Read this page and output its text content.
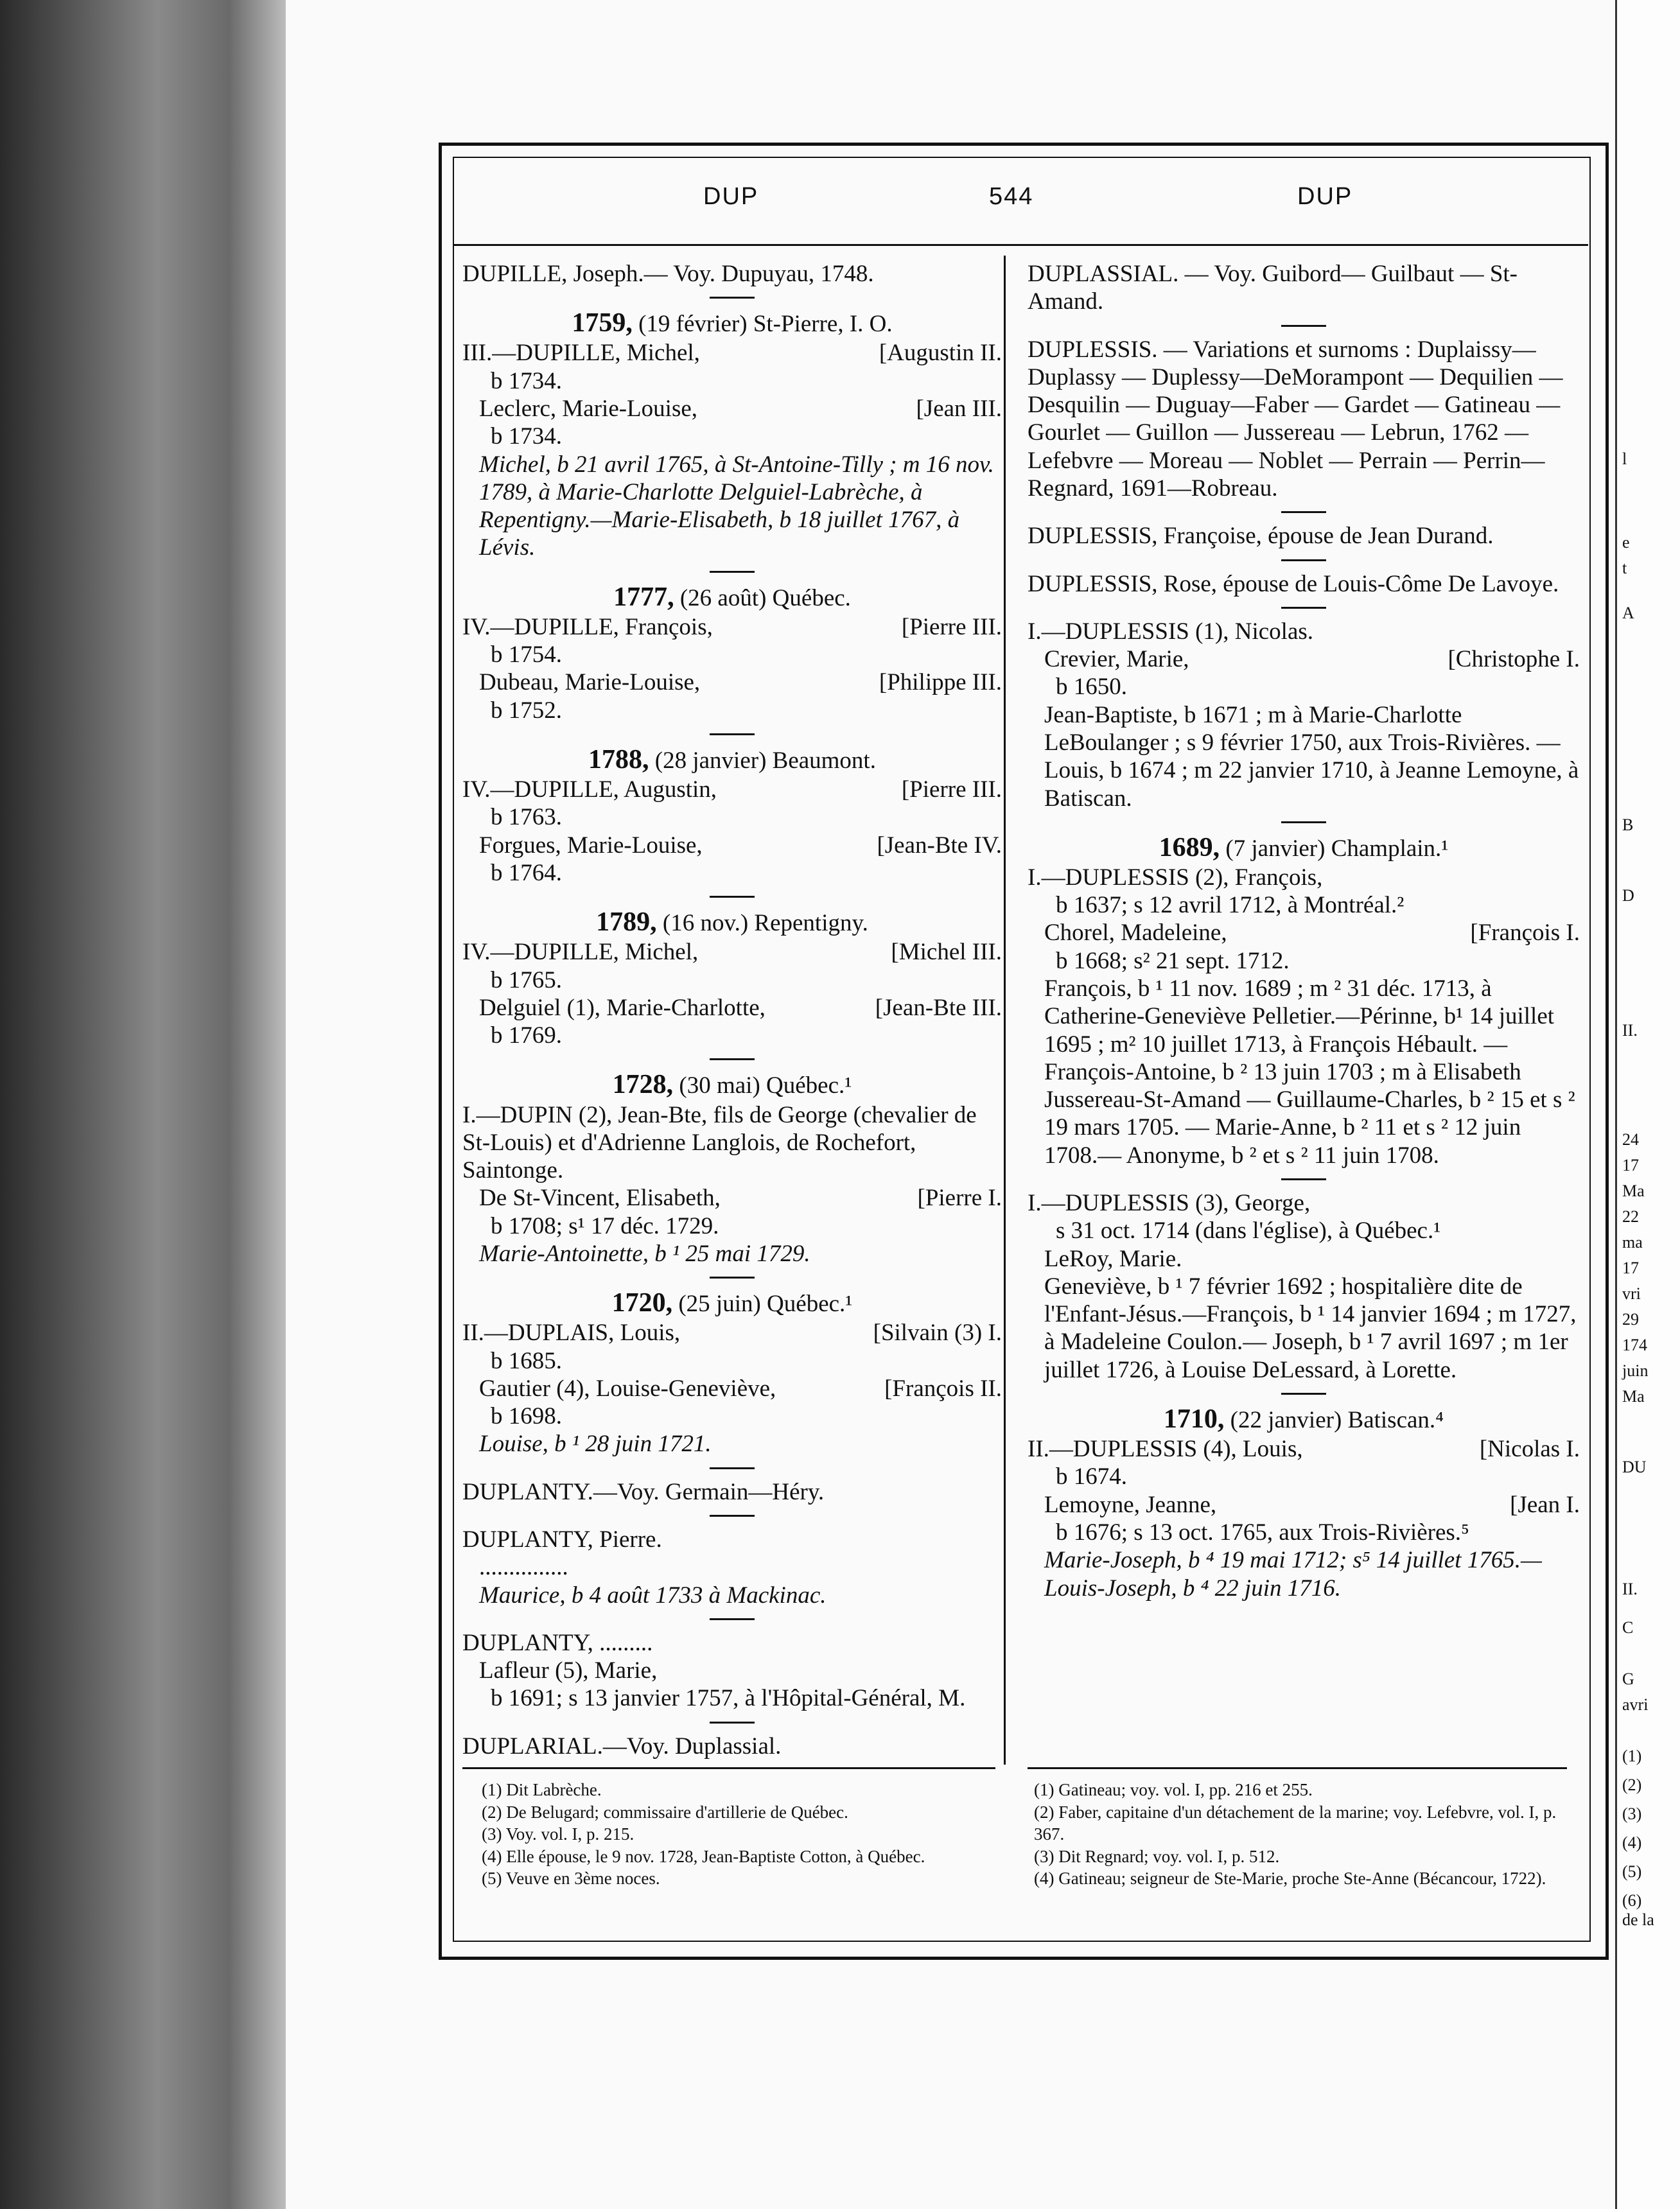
l
e
t
A
B
D
II.
24
17
Ma
22
ma
17
vri
29
174
juin
Ma
DU
II.
C
G
avri
(1)
(2)
(3)
(4)
(5)
(6)
de la
DUP	544	DUP

DUPILLE, Joseph.— Voy. Dupuyau, 1748.

1759, (19 février) St-Pierre, I. O.

III.—DUPILLE, Michel,	[Augustin II.

b 1734.

Leclerc, Marie-Louise,	[Jean III.

b 1734.

Michel, b 21 avril 1765, à St-Antoine-Tilly ; m 16 nov. 1789, à Marie-Charlotte Delguiel-Labrèche, à Repentigny.—Marie-Elisabeth, b 18 juillet 1767, à Lévis.

1777, (26 août) Québec.

IV.—DUPILLE, François,	[Pierre III.

b 1754.

Dubeau, Marie-Louise,	[Philippe III.

b 1752.

1788, (28 janvier) Beaumont.

IV.—DUPILLE, Augustin,	[Pierre III.

b 1763.

Forgues, Marie-Louise,	[Jean-Bte IV.

b 1764.

1789, (16 nov.) Repentigny.

IV.—DUPILLE, Michel,	[Michel III.

b 1765.

Delguiel (1), Marie-Charlotte,	[Jean-Bte III.

b 1769.

1728, (30 mai) Québec.¹

I.—DUPIN (2), Jean-Bte, fils de George (chevalier de St-Louis) et d'Adrienne Langlois, de Rochefort, Saintonge.

De St-Vincent, Elisabeth,	[Pierre I.

b 1708; s¹ 17 déc. 1729.

Marie-Antoinette, b ¹ 25 mai 1729.

1720, (25 juin) Québec.¹

II.—DUPLAIS, Louis,	[Silvain (3) I.

b 1685.

Gautier (4), Louise-Geneviève,	[François II.

b 1698.

Louise, b ¹ 28 juin 1721.

DUPLANTY.—Voy. Germain—Héry.

DUPLANTY, Pierre.

...............

Maurice, b 4 août 1733 à Mackinac.

DUPLANTY, .........

Lafleur (5), Marie,

b 1691; s 13 janvier 1757, à l'Hôpital-Général, M.

DUPLARIAL.—Voy. Duplassial.

DUPLASSIAL. — Voy. Guibord— Guilbaut — St-Amand.

DUPLESSIS. — Variations et surnoms : Duplaissy—Duplassy — Duplessy—DeMorampont — Dequilien — Desquilin — Duguay—Faber — Gardet — Gatineau — Gourlet — Guillon — Jussereau — Lebrun, 1762 — Lefebvre — Moreau — Noblet — Perrain — Perrin— Regnard, 1691—Robreau.

DUPLESSIS, Françoise, épouse de Jean Durand.

DUPLESSIS, Rose, épouse de Louis-Côme De Lavoye.

I.—DUPLESSIS (1), Nicolas.

Crevier, Marie,	[Christophe I.

b 1650.

Jean-Baptiste, b 1671 ; m à Marie-Charlotte LeBoulanger ; s 9 février 1750, aux Trois-Rivières. — Louis, b 1674 ; m 22 janvier 1710, à Jeanne Lemoyne, à Batiscan.

1689, (7 janvier) Champlain.¹

I.—DUPLESSIS (2), François,

b 1637; s 12 avril 1712, à Montréal.²

Chorel, Madeleine,	[François I.

b 1668; s² 21 sept. 1712.

François, b ¹ 11 nov. 1689 ; m ² 31 déc. 1713, à Catherine-Geneviève Pelletier.—Périnne, b¹ 14 juillet 1695 ; m² 10 juillet 1713, à François Hébault. — François-Antoine, b ² 13 juin 1703 ; m à Elisabeth Jussereau-St-Amand — Guillaume-Charles, b ² 15 et s ² 19 mars 1705. — Marie-Anne, b ² 11 et s ² 12 juin 1708.— Anonyme, b ² et s ² 11 juin 1708.

I.—DUPLESSIS (3), George,

s 31 oct. 1714 (dans l'église), à Québec.¹

LeRoy, Marie.

Geneviève, b ¹ 7 février 1692 ; hospitalière dite de l'Enfant-Jésus.—François, b ¹ 14 janvier 1694 ; m 1727, à Madeleine Coulon.— Joseph, b ¹ 7 avril 1697 ; m 1er juillet 1726, à Louise DeLessard, à Lorette.

1710, (22 janvier) Batiscan.⁴

II.—DUPLESSIS (4), Louis,	[Nicolas I.

b 1674.

Lemoyne, Jeanne,	[Jean I.

b 1676; s 13 oct. 1765, aux Trois-Rivières.⁵

Marie-Joseph, b ⁴ 19 mai 1712; s⁵ 14 juillet 1765.—Louis-Joseph, b ⁴ 22 juin 1716.

(1) Dit Labrèche.

(2) De Belugard; commissaire d'artillerie de Québec.

(3) Voy. vol. I, p. 215.

(4) Elle épouse, le 9 nov. 1728, Jean-Baptiste Cotton, à Québec.

(5) Veuve en 3ème noces.

(1) Gatineau; voy. vol. I, pp. 216 et 255.

(2) Faber, capitaine d'un détachement de la marine; voy. Lefebvre, vol. I, p. 367.

(3) Dit Regnard; voy. vol. I, p. 512.

(4) Gatineau; seigneur de Ste-Marie, proche Ste-Anne (Bécancour, 1722).
